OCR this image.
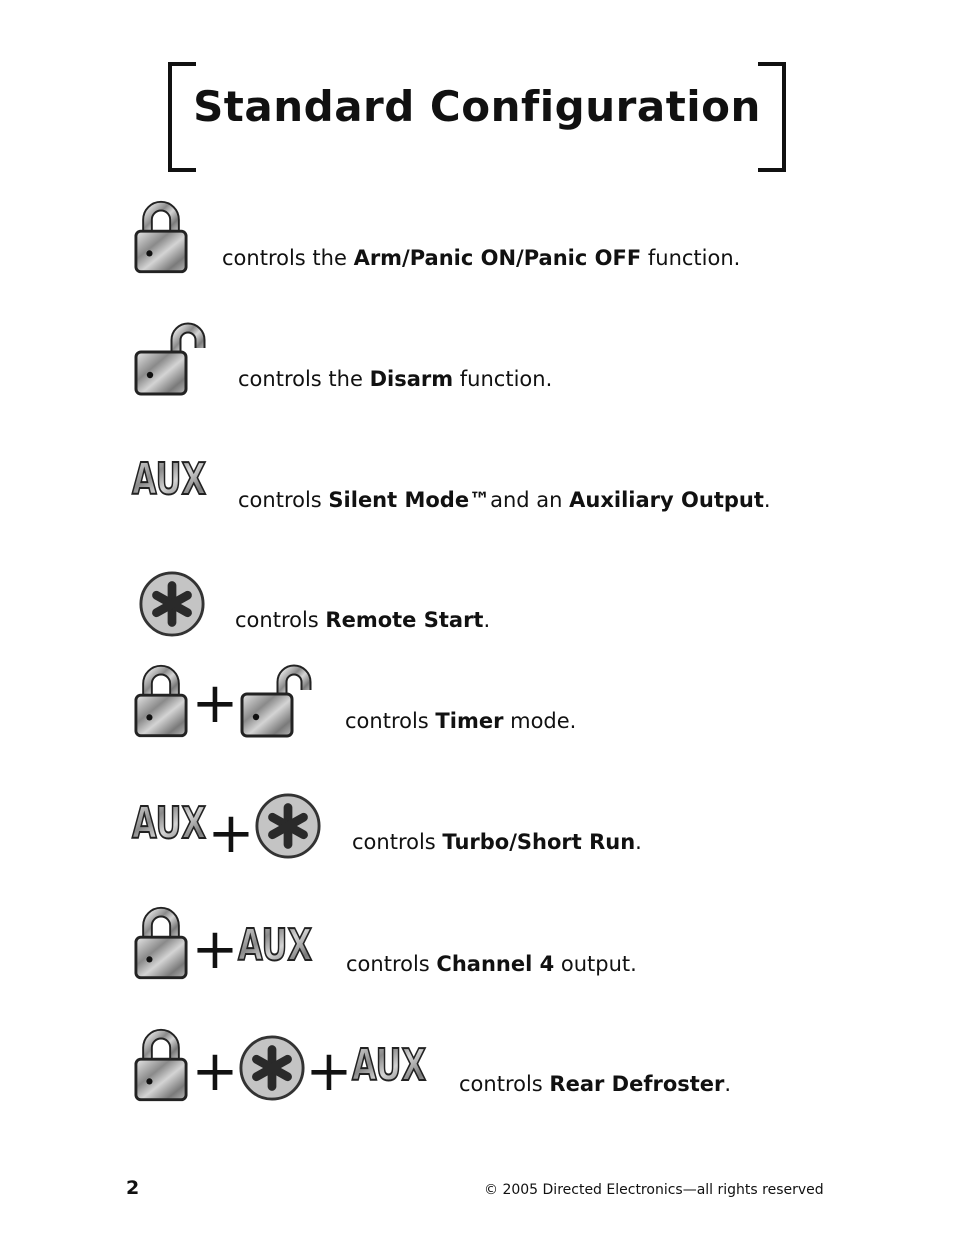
Standard Configuration
controls the Arm/Panic ON/Panic OFF function.
controls the Disarm function.
AUX controls Silent Mode™and an Auxiliary Output.
controls Remote Start.
+	controls Timer mode.
AUX +	controls Turbo/Short Run.
+ AUX controls Channel 4 output.
+ + AUX controls Rear Defroster.
2	© 2005 Directed Electronics—all rights reserved
